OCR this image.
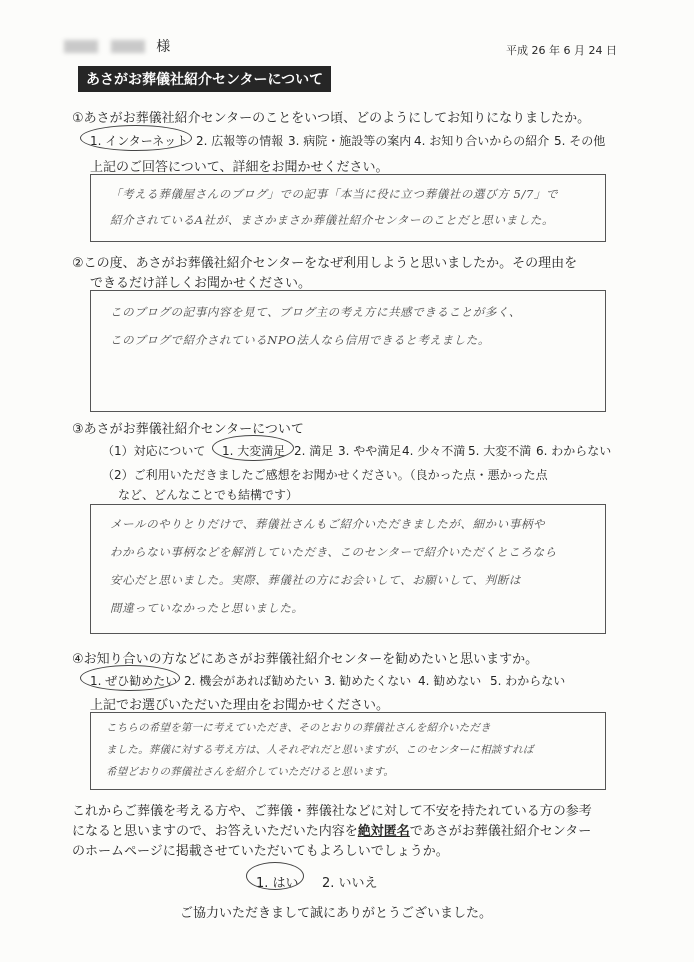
様	平成 26 年 6 月 24 日
あさがお葬儀社紹介センターについて
①あさがお葬儀社紹介センターのことをいつ頃、どのようにしてお知りになりましたか。
1. インターネット 2. 広報等の情報 3. 病院・施設等の案内 4. お知り合いからの紹介 5. その他
上記のご回答について、詳細をお聞かせください。
「考える葬儀屋さんのブログ」での記事「本当に役に立つ葬儀社の選び方 5/7」で
紹介されているA社が、まさかまさか葬儀社紹介センターのことだと思いました。
②この度、あさがお葬儀社紹介センターをなぜ利用しようと思いましたか。その理由を
できるだけ詳しくお聞かせください。
このブログの記事内容を見て、ブログ主の考え方に共感できることが多く、
このブログで紹介されているNPO法人なら信用できると考えました。
③あさがお葬儀社紹介センターについて
（1）対応について 1. 大変満足 2. 満足 3. やや満足 4. 少々不満 5. 大変不満 6. わからない
（2）ご利用いただきましたご感想をお聞かせください。（良かった点・悪かった点
など、どんなことでも結構です）
メールのやりとりだけで、葬儀社さんもご紹介いただきましたが、細かい事柄や
わからない事柄などを解消していただき、このセンターで紹介いただくところなら
安心だと思いました。実際、葬儀社の方にお会いして、お願いして、判断は
間違っていなかったと思いました。
④お知り合いの方などにあさがお葬儀社紹介センターを勧めたいと思いますか。
1. ぜひ勧めたい 2. 機会があれば勧めたい 3. 勧めたくない 4. 勧めない 5. わからない
上記でお選びいただいた理由をお聞かせください。
こちらの希望を第一に考えていただき、そのとおりの葬儀社さんを紹介いただき
ました。葬儀に対する考え方は、人それぞれだと思いますが、このセンターに相談すれば
希望どおりの葬儀社さんを紹介していただけると思います。
これからご葬儀を考える方や、ご葬儀・葬儀社などに対して不安を持たれている方の参考
になると思いますので、お答えいただいた内容を絶対匿名であさがお葬儀社紹介センター
のホームページに掲載させていただいてもよろしいでしょうか。
1. はい 2. いいえ
ご協力いただきまして誠にありがとうございました。
